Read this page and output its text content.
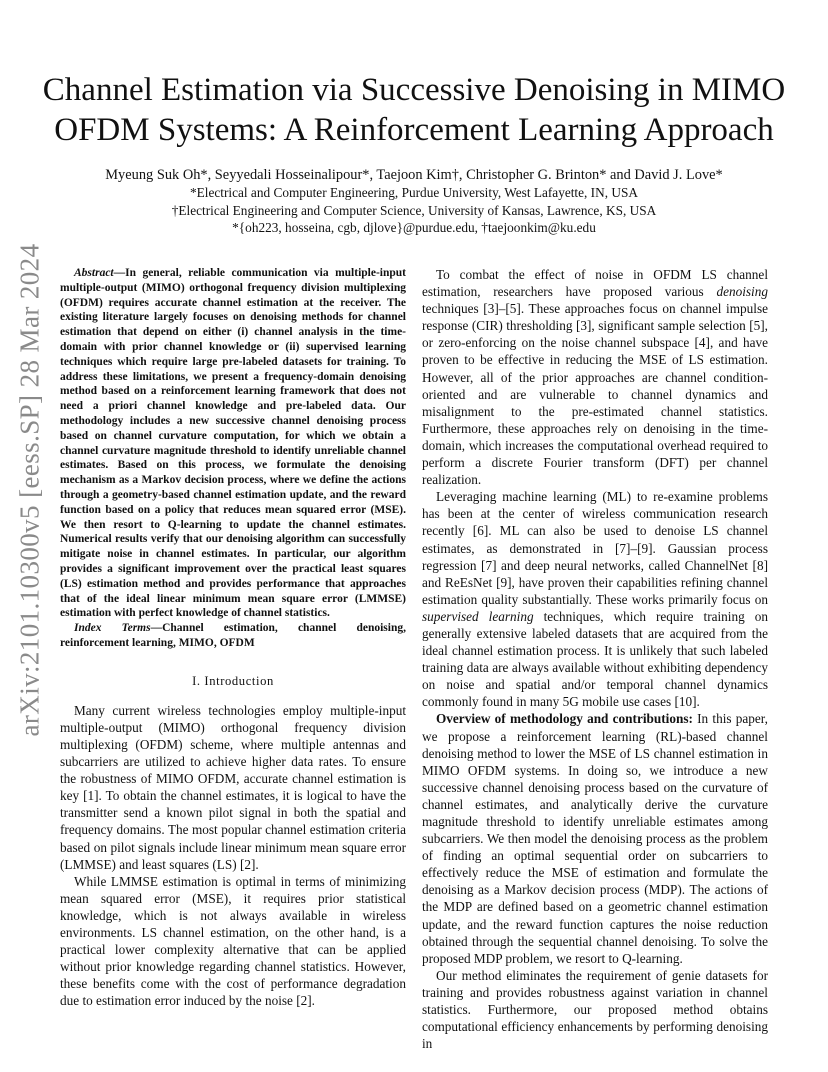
arXiv:2101.10300v5 [eess.SP] 28 Mar 2024
Channel Estimation via Successive Denoising in MIMO
OFDM Systems: A Reinforcement Learning Approach
Myeung Suk Oh*, Seyyedali Hosseinalipour*, Taejoon Kim†, Christopher G. Brinton* and David J. Love*
*Electrical and Computer Engineering, Purdue University, West Lafayette, IN, USA
†Electrical Engineering and Computer Science, University of Kansas, Lawrence, KS, USA
*{oh223, hosseina, cgb, djlove}@purdue.edu, †taejoonkim@ku.edu

Abstract—In general, reliable communication via multiple-input multiple-output (MIMO) orthogonal frequency division multiplexing (OFDM) requires accurate channel estimation at the receiver. The existing literature largely focuses on denoising methods for channel estimation that depend on either (i) channel analysis in the time-domain with prior channel knowledge or (ii) supervised learning techniques which require large pre-labeled datasets for training. To address these limitations, we present a frequency-domain denoising method based on a reinforcement learning framework that does not need a priori channel knowledge and pre-labeled data. Our methodology includes a new successive channel denoising process based on channel curvature computation, for which we obtain a channel curvature magnitude threshold to identify unreliable channel estimates. Based on this process, we formulate the denoising mechanism as a Markov decision process, where we define the actions through a geometry-based channel estimation update, and the reward function based on a policy that reduces mean squared error (MSE). We then resort to Q-learning to update the channel estimates. Numerical results verify that our denoising algorithm can successfully mitigate noise in channel estimates. In particular, our algorithm provides a significant improvement over the practical least squares (LS) estimation method and provides performance that approaches that of the ideal linear minimum mean square error (LMMSE) estimation with perfect knowledge of channel statistics.

Index Terms—Channel estimation, channel denoising, reinforcement learning, MIMO, OFDM

I. Introduction

Many current wireless technologies employ multiple-input multiple-output (MIMO) orthogonal frequency division multiplexing (OFDM) scheme, where multiple antennas and subcarriers are utilized to achieve higher data rates. To ensure the robustness of MIMO OFDM, accurate channel estimation is key [1]. To obtain the channel estimates, it is logical to have the transmitter send a known pilot signal in both the spatial and frequency domains. The most popular channel estimation criteria based on pilot signals include linear minimum mean square error (LMMSE) and least squares (LS) [2].

While LMMSE estimation is optimal in terms of minimizing mean squared error (MSE), it requires prior statistical knowledge, which is not always available in wireless environments. LS channel estimation, on the other hand, is a practical lower complexity alternative that can be applied without prior knowledge regarding channel statistics. However, these benefits come with the cost of performance degradation due to estimation error induced by the noise [2].

To combat the effect of noise in OFDM LS channel estimation, researchers have proposed various denoising techniques [3]–[5]. These approaches focus on channel impulse response (CIR) thresholding [3], significant sample selection [5], or zero-enforcing on the noise channel subspace [4], and have proven to be effective in reducing the MSE of LS estimation. However, all of the prior approaches are channel condition-oriented and are vulnerable to channel dynamics and misalignment to the pre-estimated channel statistics. Furthermore, these approaches rely on denoising in the time-domain, which increases the computational overhead required to perform a discrete Fourier transform (DFT) per channel realization.

Leveraging machine learning (ML) to re-examine problems has been at the center of wireless communication research recently [6]. ML can also be used to denoise LS channel estimates, as demonstrated in [7]–[9]. Gaussian process regression [7] and deep neural networks, called ChannelNet [8] and ReEsNet [9], have proven their capabilities refining channel estimation quality substantially. These works primarily focus on supervised learning techniques, which require training on generally extensive labeled datasets that are acquired from the ideal channel estimation process. It is unlikely that such labeled training data are always available without exhibiting dependency on noise and spatial and/or temporal channel dynamics commonly found in many 5G mobile use cases [10].

Overview of methodology and contributions: In this paper, we propose a reinforcement learning (RL)-based channel denoising method to lower the MSE of LS channel estimation in MIMO OFDM systems. In doing so, we introduce a new successive channel denoising process based on the curvature of channel estimates, and analytically derive the curvature magnitude threshold to identify unreliable estimates among subcarriers. We then model the denoising process as the problem of finding an optimal sequential order on subcarriers to effectively reduce the MSE of estimation and formulate the denoising as a Markov decision process (MDP). The actions of the MDP are defined based on a geometric channel estimation update, and the reward function captures the noise reduction obtained through the sequential channel denoising. To solve the proposed MDP problem, we resort to Q-learning.

Our method eliminates the requirement of genie datasets for training and provides robustness against variation in channel statistics. Furthermore, our proposed method obtains computational efficiency enhancements by performing denoising in
